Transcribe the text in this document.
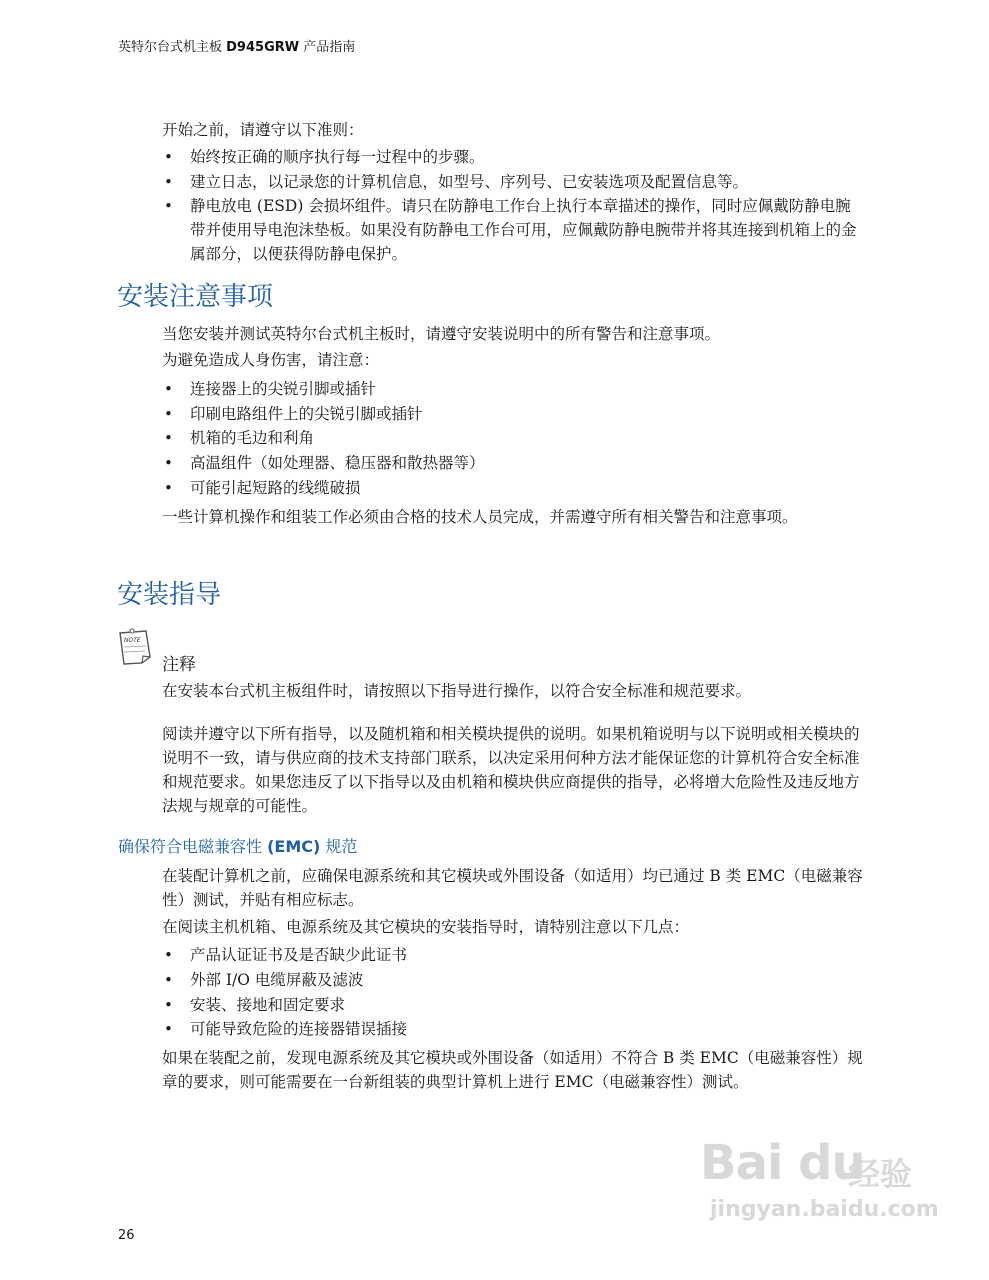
英特尔台式机主板 D945GRW 产品指南

开始之前，请遵守以下准则：

• 始终按正确的顺序执行每一过程中的步骤。
• 建立日志，以记录您的计算机信息，如型号、序列号、已安装选项及配置信息等。
• 静电放电 (ESD) 会损坏组件。请只在防静电工作台上执行本章描述的操作，同时应佩戴防静电腕带并使用导电泡沫垫板。如果没有防静电工作台可用，应佩戴防静电腕带并将其连接到机箱上的金属部分，以便获得防静电保护。
安装注意事项

当您安装并测试英特尔台式机主板时，请遵守安装说明中的所有警告和注意事项。

为避免造成人身伤害，请注意：

• 连接器上的尖锐引脚或插针
• 印刷电路组件上的尖锐引脚或插针
• 机箱的毛边和利角
• 高温组件（如处理器、稳压器和散热器等）
• 可能引起短路的线缆破损

一些计算机操作和组装工作必须由合格的技术人员完成，并需遵守所有相关警告和注意事项。

安装指导
NOTE

注释

在安装本台式机主板组件时，请按照以下指导进行操作，以符合安全标准和规范要求。

阅读并遵守以下所有指导，以及随机箱和相关模块提供的说明。如果机箱说明与以下说明或相关模块的说明不一致，请与供应商的技术支持部门联系，以决定采用何种方法才能保证您的计算机符合安全标准和规范要求。如果您违反了以下指导以及由机箱和模块供应商提供的指导，必将增大危险性及违反地方法规与规章的可能性。

确保符合电磁兼容性 (EMC) 规范

在装配计算机之前，应确保电源系统和其它模块或外围设备（如适用）均已通过 B 类 EMC（电磁兼容性）测试，并贴有相应标志。

在阅读主机机箱、电源系统及其它模块的安装指导时，请特别注意以下几点：

• 产品认证证书及是否缺少此证书
• 外部 I/O 电缆屏蔽及滤波
• 安装、接地和固定要求
• 可能导致危险的连接器错误插接

如果在装配之前，发现电源系统及其它模块或外围设备（如适用）不符合 B 类 EMC（电磁兼容性）规章的要求，则可能需要在一台新组装的典型计算机上进行 EMC（电磁兼容性）测试。

Bai du
经验
jingyan.baidu.com
26
